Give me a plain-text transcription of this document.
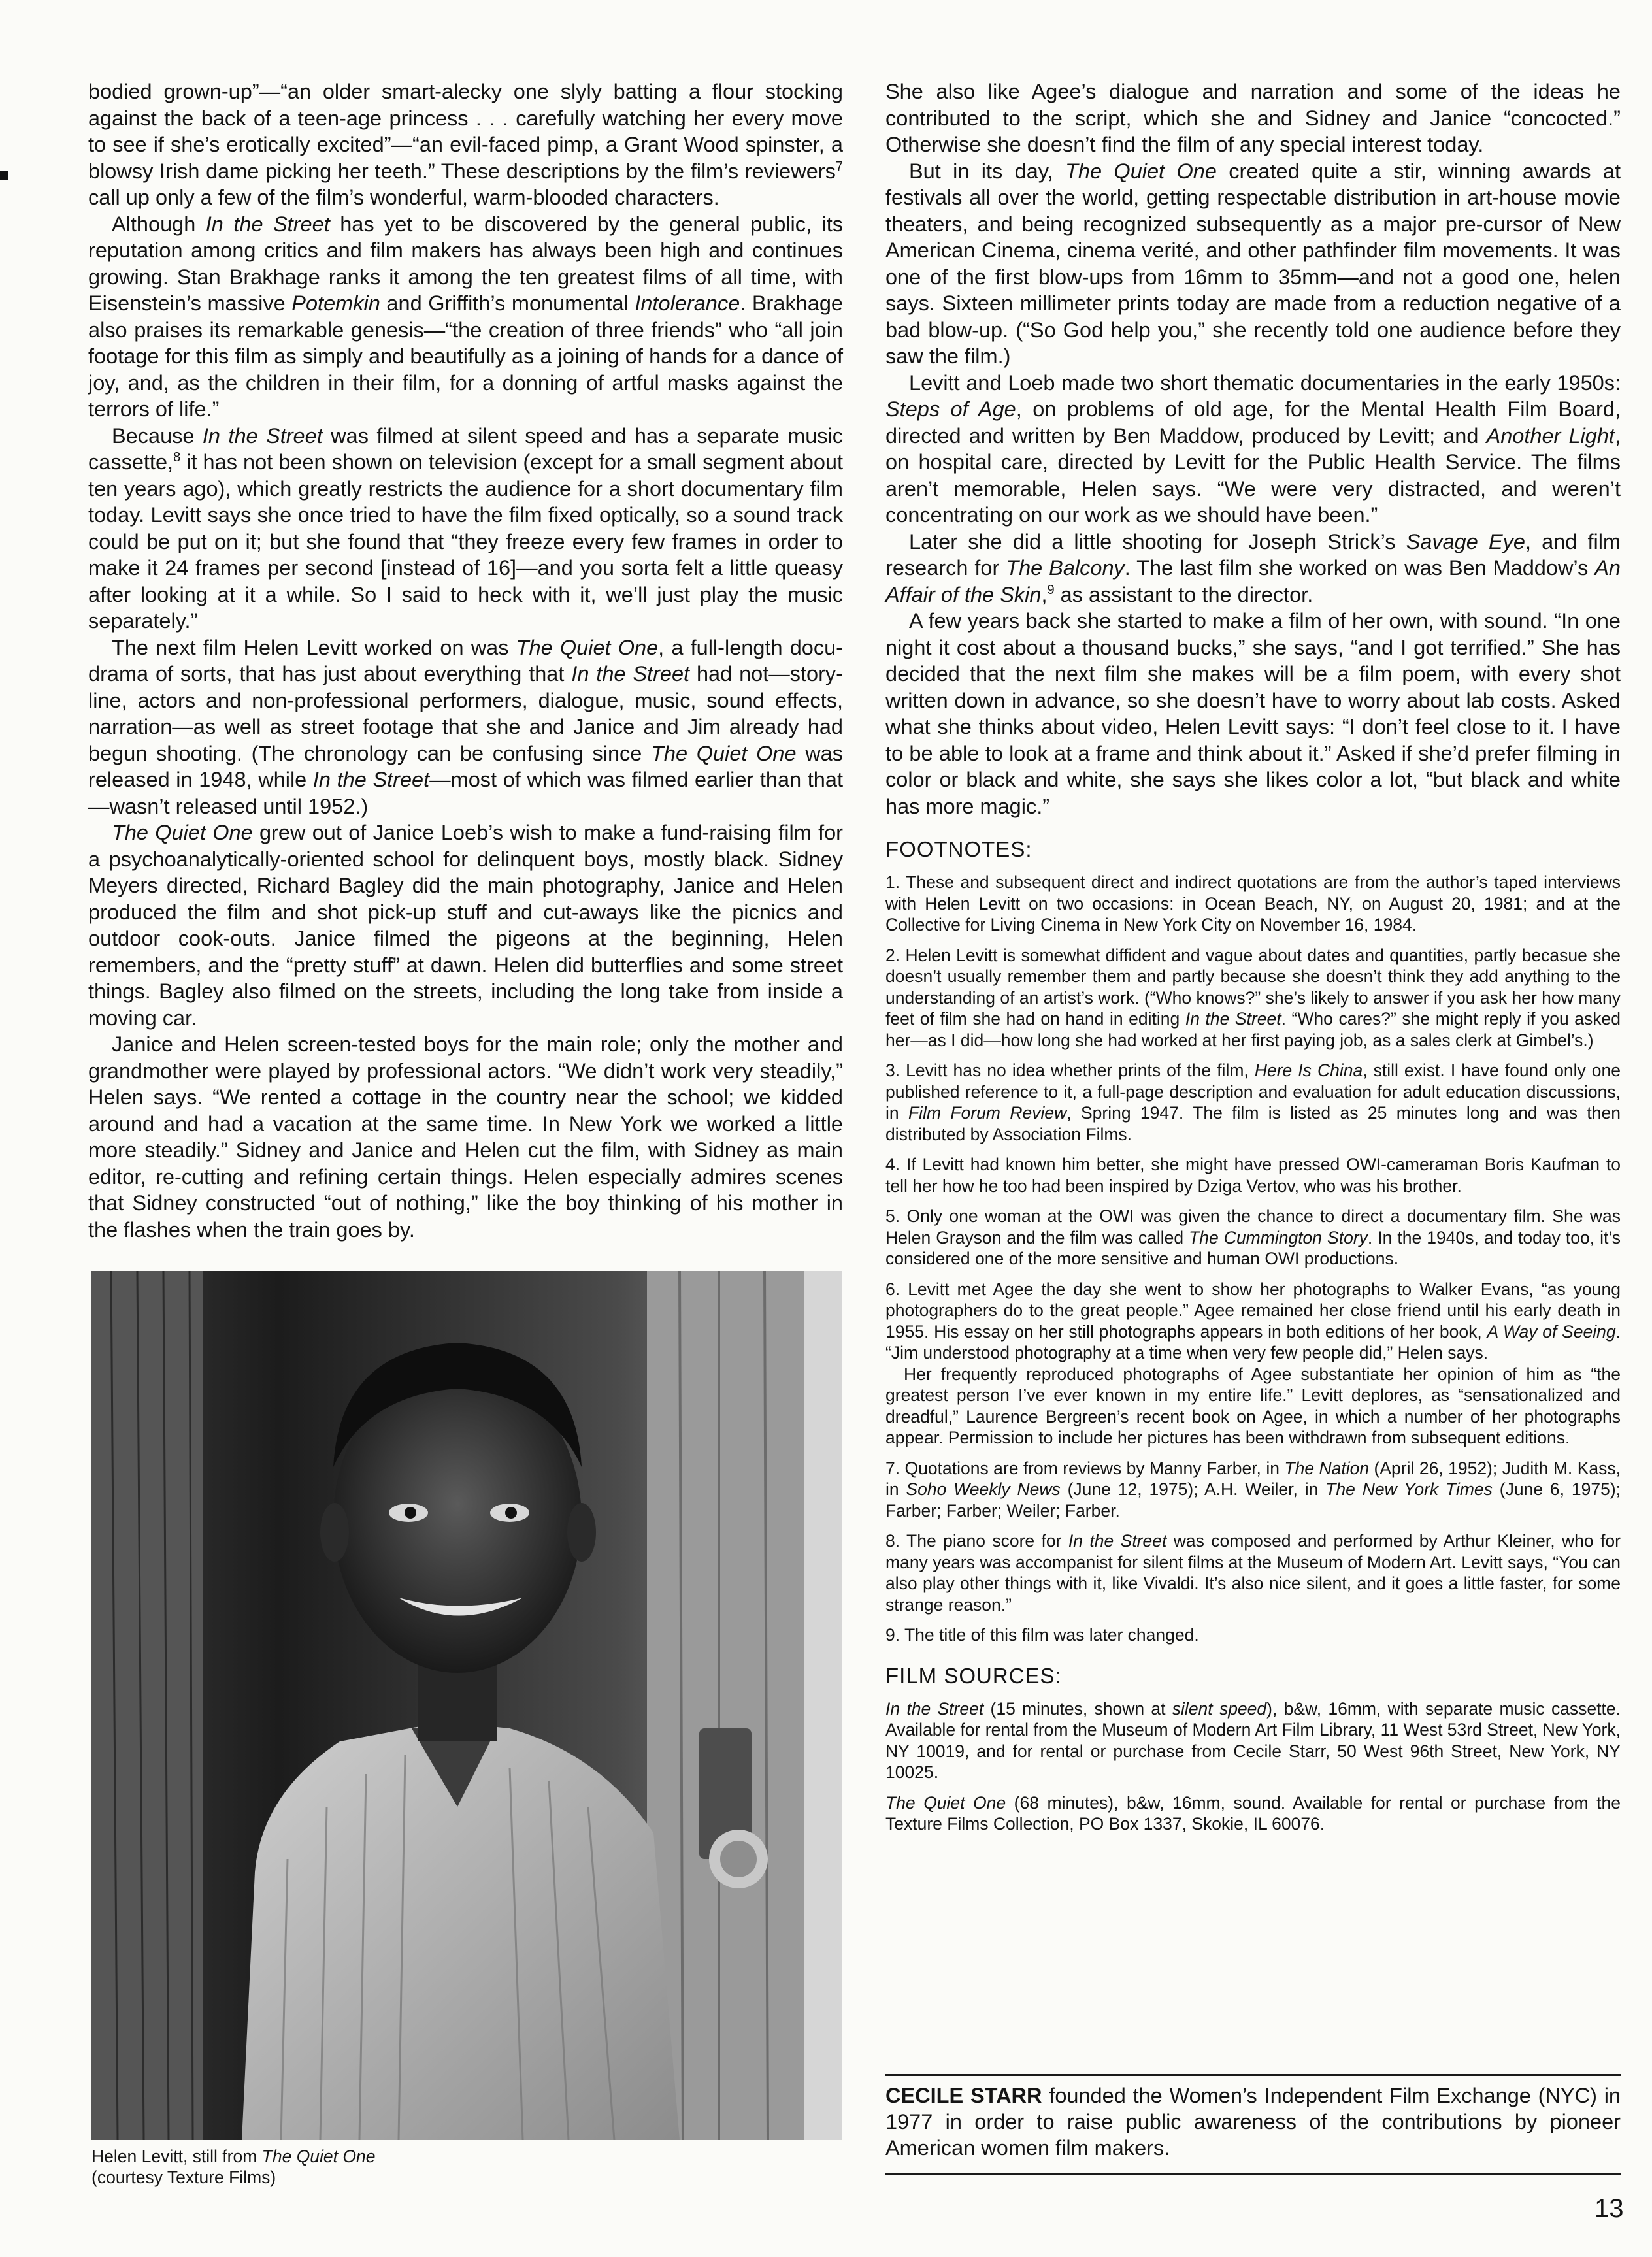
bodied grown-up”—“an older smart-alecky one slyly batting a flour stocking against the back of a teen-age princess . . . carefully watching her every move to see if she’s erotically excited”—“an evil-faced pimp, a Grant Wood spinster, a blowsy Irish dame picking her teeth.” These descriptions by the film’s reviewers$^7$ call up only a few of the film’s wonderful, warm-blooded characters.

Although In the Street has yet to be discovered by the general public, its reputation among critics and film makers has always been high and continues growing. Stan Brakhage ranks it among the ten greatest films of all time, with Eisenstein’s massive Potemkin and Griffith’s monumental Intolerance. Brakhage also praises its remarkable genesis—“the creation of three friends” who “all join footage for this film as simply and beautifully as a joining of hands for a dance of joy, and, as the children in their film, for a donning of artful masks against the terrors of life.”

Because In the Street was filmed at silent speed and has a separate music cassette,$^8$ it has not been shown on television (except for a small segment about ten years ago), which greatly restricts the audience for a short documentary film today. Levitt says she once tried to have the film fixed optically, so a sound track could be put on it; but she found that “they freeze every few frames in order to make it 24 frames per second [instead of 16]—and you sorta felt a little queasy after looking at it a while. So I said to heck with it, we’ll just play the music separately.”

The next film Helen Levitt worked on was The Quiet One, a full-length docu-drama of sorts, that has just about everything that In the Street had not—story-line, actors and non-professional performers, dialogue, music, sound effects, narration—as well as street footage that she and Janice and Jim already had begun shooting. (The chronology can be confusing since The Quiet One was released in 1948, while In the Street—most of which was filmed earlier than that—wasn’t released until 1952.)

The Quiet One grew out of Janice Loeb’s wish to make a fund-raising film for a psychoanalytically-oriented school for delinquent boys, mostly black. Sidney Meyers directed, Richard Bagley did the main photography, Janice and Helen produced the film and shot pick-up stuff and cut-aways like the picnics and outdoor cook-outs. Janice filmed the pigeons at the beginning, Helen remembers, and the “pretty stuff” at dawn. Helen did butterflies and some street things. Bagley also filmed on the streets, including the long take from inside a moving car.

Janice and Helen screen-tested boys for the main role; only the mother and grandmother were played by professional actors. “We didn’t work very steadily,” Helen says. “We rented a cottage in the country near the school; we kidded around and had a vacation at the same time. In New York we worked a little more steadily.” Sidney and Janice and Helen cut the film, with Sidney as main editor, re-cutting and refining certain things. Helen especially admires scenes that Sidney constructed “out of nothing,” like the boy thinking of his mother in the flashes when the train goes by.

Helen Levitt, still from The Quiet One
(courtesy Texture Films)

She also like Agee’s dialogue and narration and some of the ideas he contributed to the script, which she and Sidney and Janice “concocted.” Otherwise she doesn’t find the film of any special interest today.

But in its day, The Quiet One created quite a stir, winning awards at festivals all over the world, getting respectable distribution in art-house movie theaters, and being recognized subsequently as a major pre-cursor of New American Cinema, cinema verité, and other pathfinder film movements. It was one of the first blow-ups from 16mm to 35mm—and not a good one, helen says. Sixteen millimeter prints today are made from a reduction negative of a bad blow-up. (“So God help you,” she recently told one audience before they saw the film.)

Levitt and Loeb made two short thematic documentaries in the early 1950s: Steps of Age, on problems of old age, for the Mental Health Film Board, directed and written by Ben Maddow, produced by Levitt; and Another Light, on hospital care, directed by Levitt for the Public Health Service. The films aren’t memorable, Helen says. “We were very distracted, and weren’t concentrating on our work as we should have been.”

Later she did a little shooting for Joseph Strick’s Savage Eye, and film research for The Balcony. The last film she worked on was Ben Maddow’s An Affair of the Skin,$^9$ as assistant to the director.

A few years back she started to make a film of her own, with sound. “In one night it cost about a thousand bucks,” she says, “and I got terrified.” She has decided that the next film she makes will be a film poem, with every shot written down in advance, so she doesn’t have to worry about lab costs. Asked what she thinks about video, Helen Levitt says: “I don’t feel close to it. I have to be able to look at a frame and think about it.” Asked if she’d prefer filming in color or black and white, she says she likes color a lot, “but black and white has more magic.”

FOOTNOTES:

1. These and subsequent direct and indirect quotations are from the author’s taped interviews with Helen Levitt on two occasions: in Ocean Beach, NY, on August 20, 1981; and at the Collective for Living Cinema in New York City on November 16, 1984.

2. Helen Levitt is somewhat diffident and vague about dates and quantities, partly becasue she doesn’t usually remember them and partly because she doesn’t think they add anything to the understanding of an artist’s work. (“Who knows?” she’s likely to answer if you ask her how many feet of film she had on hand in editing In the Street. “Who cares?” she might reply if you asked her—as I did—how long she had worked at her first paying job, as a sales clerk at Gimbel’s.)

3. Levitt has no idea whether prints of the film, Here Is China, still exist. I have found only one published reference to it, a full-page description and evaluation for adult education discussions, in Film Forum Review, Spring 1947. The film is listed as 25 minutes long and was then distributed by Association Films.

4. If Levitt had known him better, she might have pressed OWI-cameraman Boris Kaufman to tell her how he too had been inspired by Dziga Vertov, who was his brother.

5. Only one woman at the OWI was given the chance to direct a documentary film. She was Helen Grayson and the film was called The Cummington Story. In the 1940s, and today too, it’s considered one of the more sensitive and human OWI productions.

6. Levitt met Agee the day she went to show her photographs to Walker Evans, “as young photographers do to the great people.” Agee remained her close friend until his early death in 1955. His essay on her still photographs appears in both editions of her book, A Way of Seeing. “Jim understood photography at a time when very few people did,” Helen says.
Her frequently reproduced photographs of Agee substantiate her opinion of him as “the greatest person I’ve ever known in my entire life.” Levitt deplores, as “sensationalized and dreadful,” Laurence Bergreen’s recent book on Agee, in which a number of her photographs appear. Permission to include her pictures has been withdrawn from subsequent editions.

7. Quotations are from reviews by Manny Farber, in The Nation (April 26, 1952); Judith M. Kass, in Soho Weekly News (June 12, 1975); A.H. Weiler, in The New York Times (June 6, 1975); Farber; Farber; Weiler; Farber.

8. The piano score for In the Street was composed and performed by Arthur Kleiner, who for many years was accompanist for silent films at the Museum of Modern Art. Levitt says, “You can also play other things with it, like Vivaldi. It’s also nice silent, and it goes a little faster, for some strange reason.”

9. The title of this film was later changed.

FILM SOURCES:

In the Street (15 minutes, shown at silent speed), b&w, 16mm, with separate music cassette. Available for rental from the Museum of Modern Art Film Library, 11 West 53rd Street, New York, NY 10019, and for rental or purchase from Cecile Starr, 50 West 96th Street, New York, NY 10025.

The Quiet One (68 minutes), b&w, 16mm, sound. Available for rental or purchase from the Texture Films Collection, PO Box 1337, Skokie, IL 60076.

CECILE STARR founded the Women’s Independent Film Exchange (NYC) in 1977 in order to raise public awareness of the contributions by pioneer American women film makers.
13
